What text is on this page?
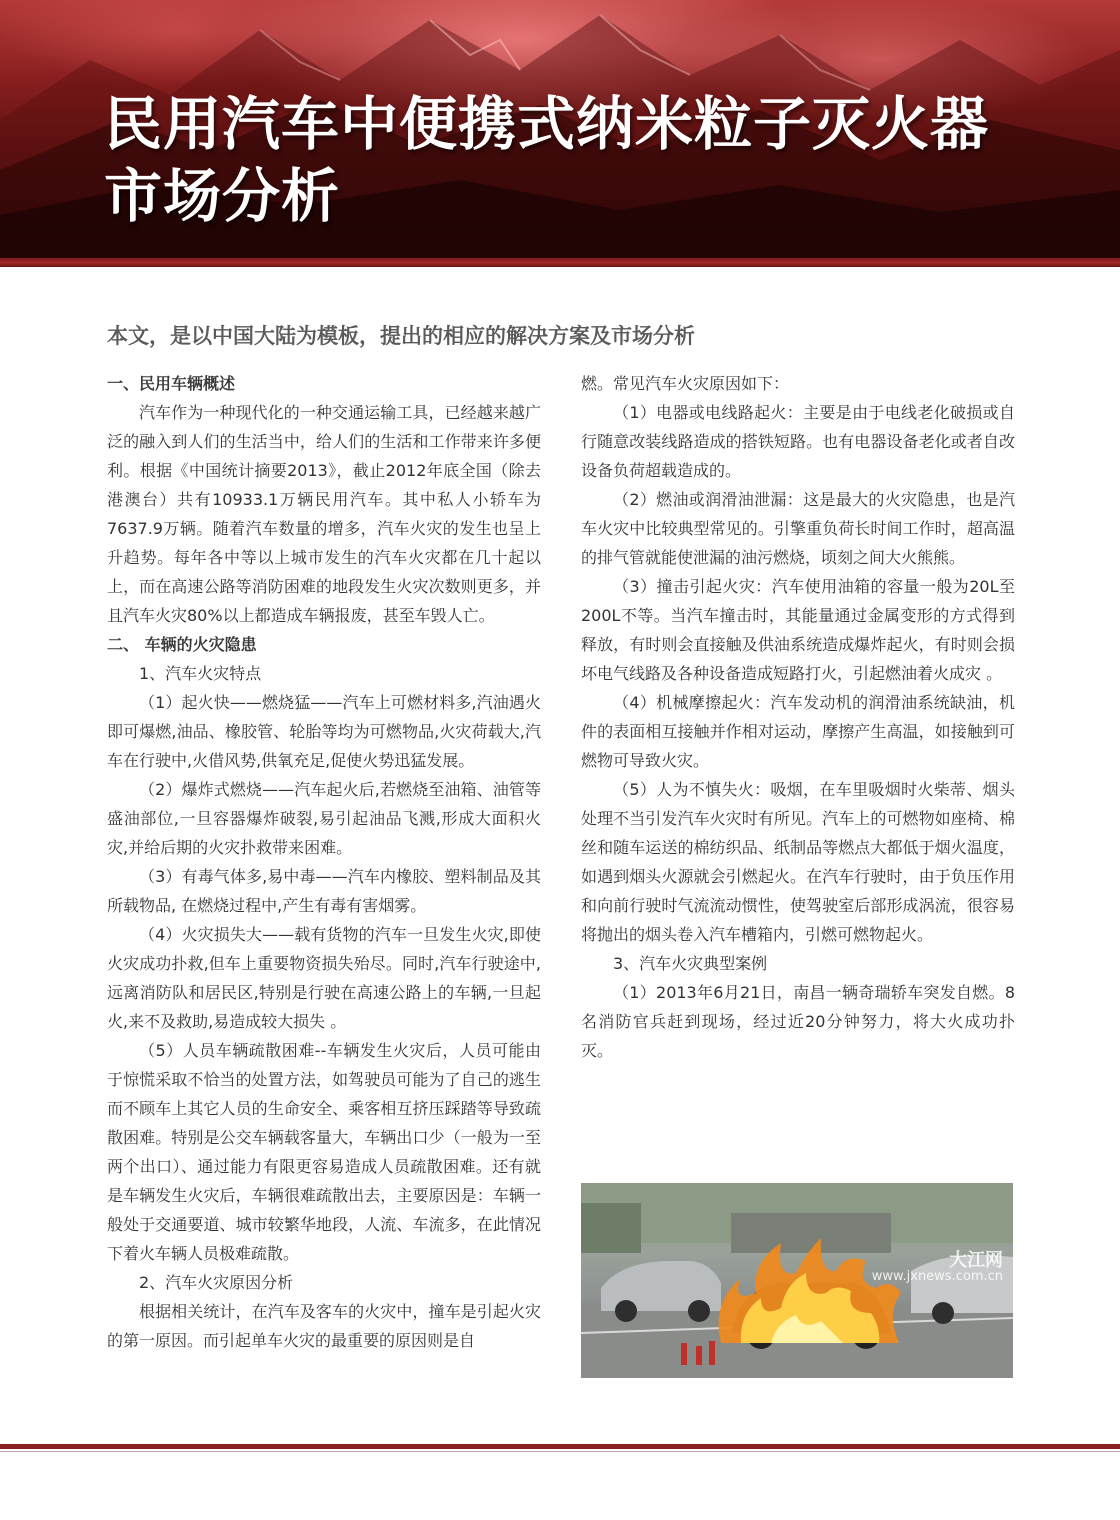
民用汽车中便携式纳米粒子灭火器
市场分析

本文，是以中国大陆为模板，提出的相应的解决方案及市场分析

一、民用车辆概述

汽车作为一种现代化的一种交通运输工具，已经越来越广泛的融入到人们的生活当中，给人们的生活和工作带来许多便利。根据《中国统计摘要2013》，截止2012年底全国（除去港澳台）共有10933.1万辆民用汽车。其中私人小轿车为7637.9万辆。随着汽车数量的增多，汽车火灾的发生也呈上升趋势。每年各中等以上城市发生的汽车火灾都在几十起以上，而在高速公路等消防困难的地段发生火灾次数则更多，并且汽车火灾80%以上都造成车辆报废，甚至车毁人亡。

二、 车辆的火灾隐患

1、汽车火灾特点

（1）起火快——燃烧猛——汽车上可燃材料多,汽油遇火即可爆燃,油品、橡胶管、轮胎等均为可燃物品,火灾荷载大,汽车在行驶中,火借风势,供氧充足,促使火势迅猛发展。

（2）爆炸式燃烧——汽车起火后,若燃烧至油箱、油管等盛油部位,一旦容器爆炸破裂,易引起油品飞溅,形成大面积火灾,并给后期的火灾扑救带来困难。

（3）有毒气体多,易中毒——汽车内橡胶、塑料制品及其所载物品, 在燃烧过程中,产生有毒有害烟雾。

（4）火灾损失大——载有货物的汽车一旦发生火灾,即使火灾成功扑救,但车上重要物资损失殆尽。同时,汽车行驶途中,远离消防队和居民区,特别是行驶在高速公路上的车辆,一旦起火,来不及救助,易造成较大损失 。

（5）人员车辆疏散困难--车辆发生火灾后，人员可能由于惊慌采取不恰当的处置方法，如驾驶员可能为了自己的逃生而不顾车上其它人员的生命安全、乘客相互挤压踩踏等导致疏散困难。特别是公交车辆载客量大，车辆出口少（一般为一至两个出口）、通过能力有限更容易造成人员疏散困难。还有就是车辆发生火灾后，车辆很难疏散出去，主要原因是：车辆一般处于交通要道、城市较繁华地段，人流、车流多，在此情况下着火车辆人员极难疏散。

2、汽车火灾原因分析

根据相关统计，在汽车及客车的火灾中，撞车是引起火灾的第一原因。而引起单车火灾的最重要的原因则是自

燃。常见汽车火灾原因如下：

（1）电器或电线路起火：主要是由于电线老化破损或自行随意改装线路造成的搭铁短路。也有电器设备老化或者自改设备负荷超载造成的。

（2）燃油或润滑油泄漏：这是最大的火灾隐患，也是汽车火灾中比较典型常见的。引擎重负荷长时间工作时，超高温的排气管就能使泄漏的油污燃烧，顷刻之间大火熊熊。

（3）撞击引起火灾：汽车使用油箱的容量一般为20L至200L不等。当汽车撞击时，其能量通过金属变形的方式得到释放，有时则会直接触及供油系统造成爆炸起火，有时则会损坏电气线路及各种设备造成短路打火，引起燃油着火成灾 。

（4）机械摩擦起火：汽车发动机的润滑油系统缺油，机件的表面相互接触并作相对运动，摩擦产生高温，如接触到可燃物可导致火灾。

（5）人为不慎失火：吸烟，在车里吸烟时火柴蒂、烟头处理不当引发汽车火灾时有所见。汽车上的可燃物如座椅、棉丝和随车运送的棉纺织品、纸制品等燃点大都低于烟火温度，如遇到烟头火源就会引燃起火。在汽车行驶时，由于负压作用和向前行驶时气流流动惯性，使驾驶室后部形成涡流，很容易将抛出的烟头卷入汽车槽箱内，引燃可燃物起火。

3、汽车火灾典型案例

（1）2013年6月21日，南昌一辆奇瑞轿车突发自燃。8名消防官兵赶到现场，经过近20分钟努力，将大火成功扑灭。

大江网
www.jxnews.com.cn
